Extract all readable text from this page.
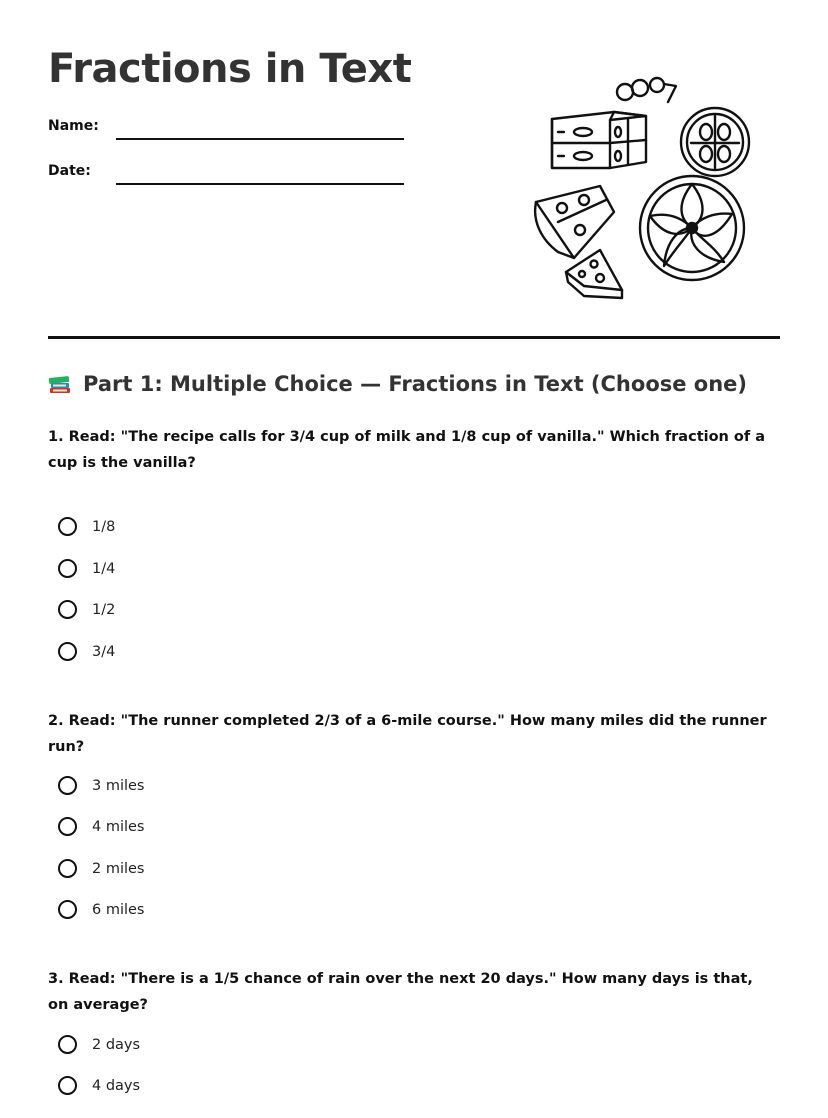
Fractions in Text
Name:
Date:
Part 1: Multiple Choice — Fractions in Text (Choose one)

1. Read: "The recipe calls for 3/4 cup of milk and 1/8 cup of vanilla." Which fraction of a cup is the vanilla?

1/8
1/4
1/2
3/4

2. Read: "The runner completed 2/3 of a 6-mile course." How many miles did the runner run?

3 miles
4 miles
2 miles
6 miles

3. Read: "There is a 1/5 chance of rain over the next 20 days." How many days is that, on average?

2 days
4 days
